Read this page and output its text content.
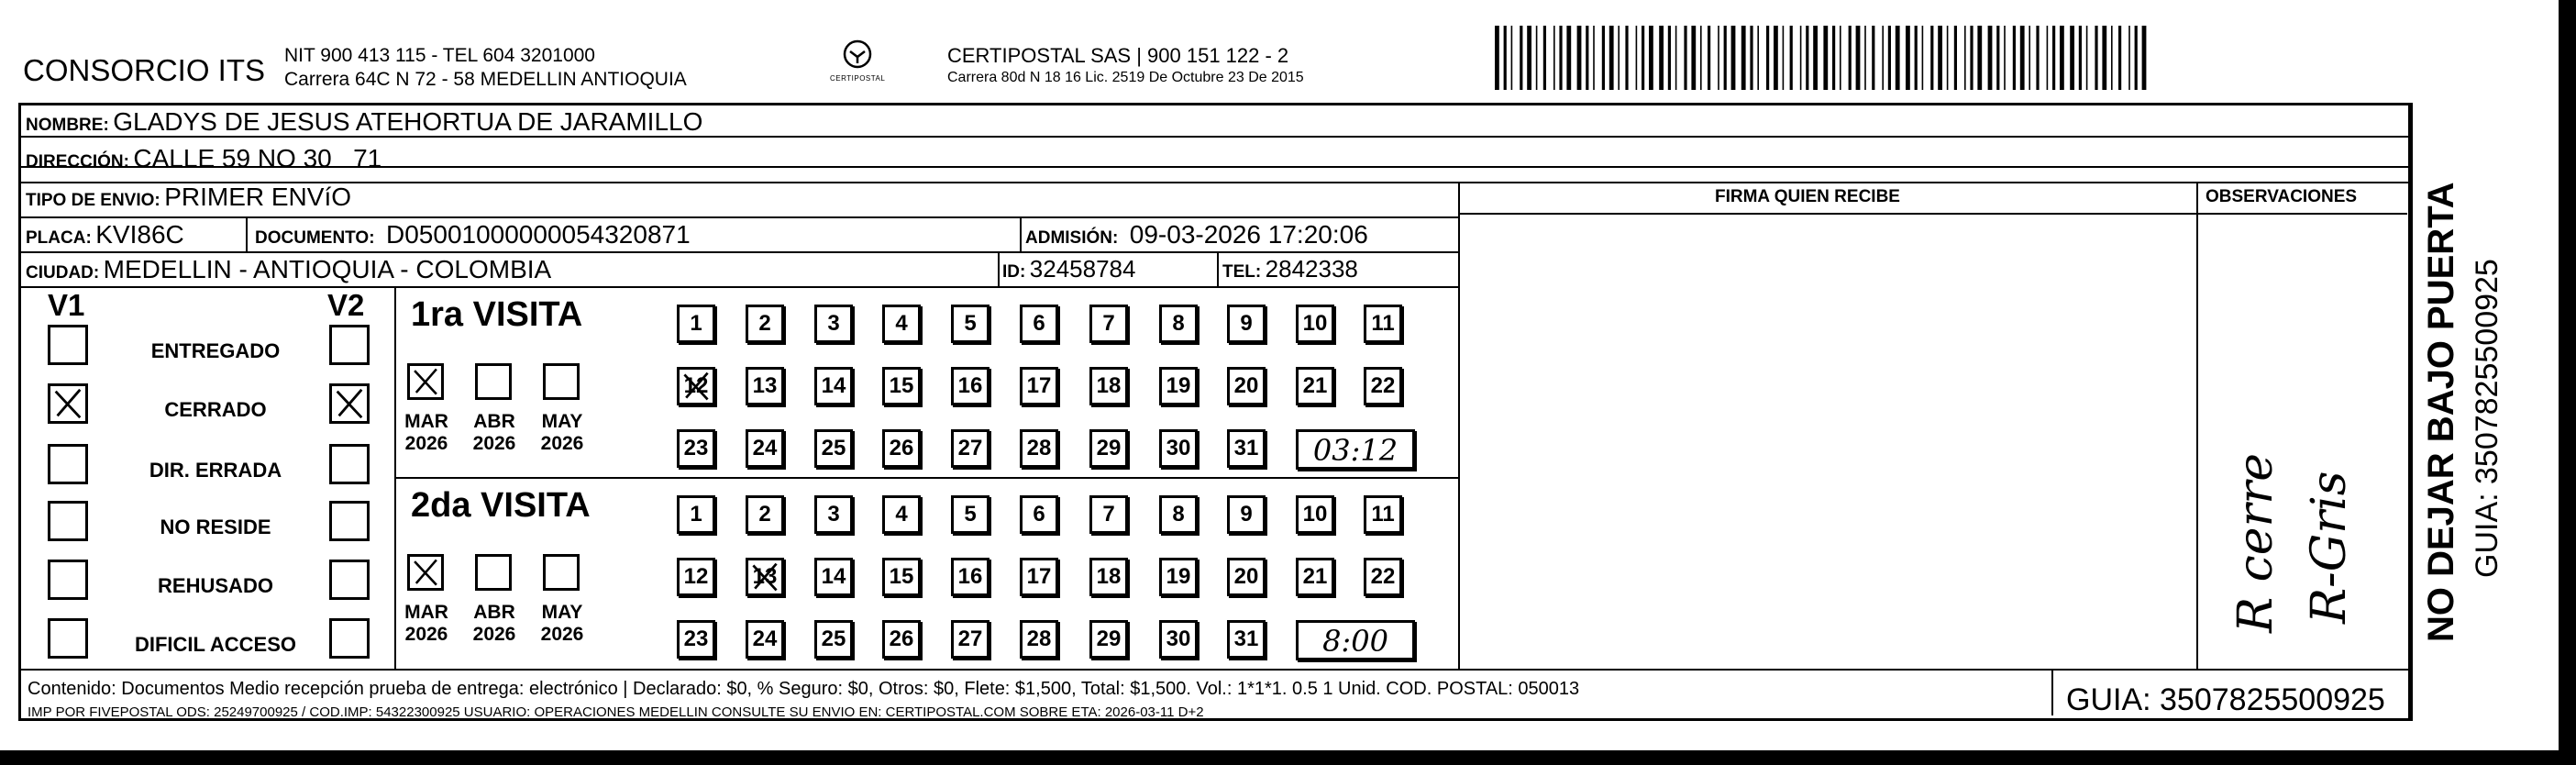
CONSORCIO ITS NIT 900 413 115 - TEL 604 3201000
Carrera 64C N 72 - 58 MEDELLIN ANTIOQUIA	CERTIPOSTAL
CERTIPOSTAL SAS | 900 151 122 - 2
Carrera 80d N 18 16 Lic. 2519 De Octubre 23 De 2015
NOMBRE: GLADYS DE JESUS ATEHORTUA DE JARAMILLO
DIRECCIÓN: CALLE 59 NO 30   71
TIPO DE ENVIO: PRIMER ENVíO	FIRMA QUIEN RECIBE	OBSERVACIONES
PLACA: KVI86C	DOCUMENTO: D05001000000054320871	ADMISIÓN: 09-03-2026 17:20:06
CIUDAD: MEDELLIN - ANTIOQUIA - COLOMBIA	ID: 32458784	TEL: 2842338
V1	V2
ENTREGADO
CERRADO
DIR. ERRADA
NO RESIDE
REHUSADO
DIFICIL ACCESO
1ra VISITA
MAR
2026
ABR
2026
MAY
2026
1	2	3	4	5	6	7	8	9	10	11
12	13	14	15	16	17	18	19	20	21	22
23	24	25	26	27	28	29	30	31	03:12
2da VISITA
MAR
2026
ABR
2026
MAY
2026
1	2	3	4	5	6	7	8	9	10	11
12	13	14	15	16	17	18	19	20	21	22
23	24	25	26	27	28	29	30	31	8:00
R cerre R-Gris NO DEJAR BAJO PUERTA GUIA: 3507825500925
Contenido: Documentos Medio recepción prueba de entrega: electrónico | Declarado: $0, % Seguro: $0, Otros: $0, Flete: $1,500, Total: $1,500. Vol.: 1*1*1. 0.5 1 Unid. COD. POSTAL: 050013
IMP POR FIVEPOSTAL ODS: 25249700925 / COD.IMP: 54322300925 USUARIO: OPERACIONES MEDELLIN CONSULTE SU ENVIO EN: CERTIPOSTAL.COM SOBRE ETA: 2026-03-11 D+2	GUIA: 3507825500925
